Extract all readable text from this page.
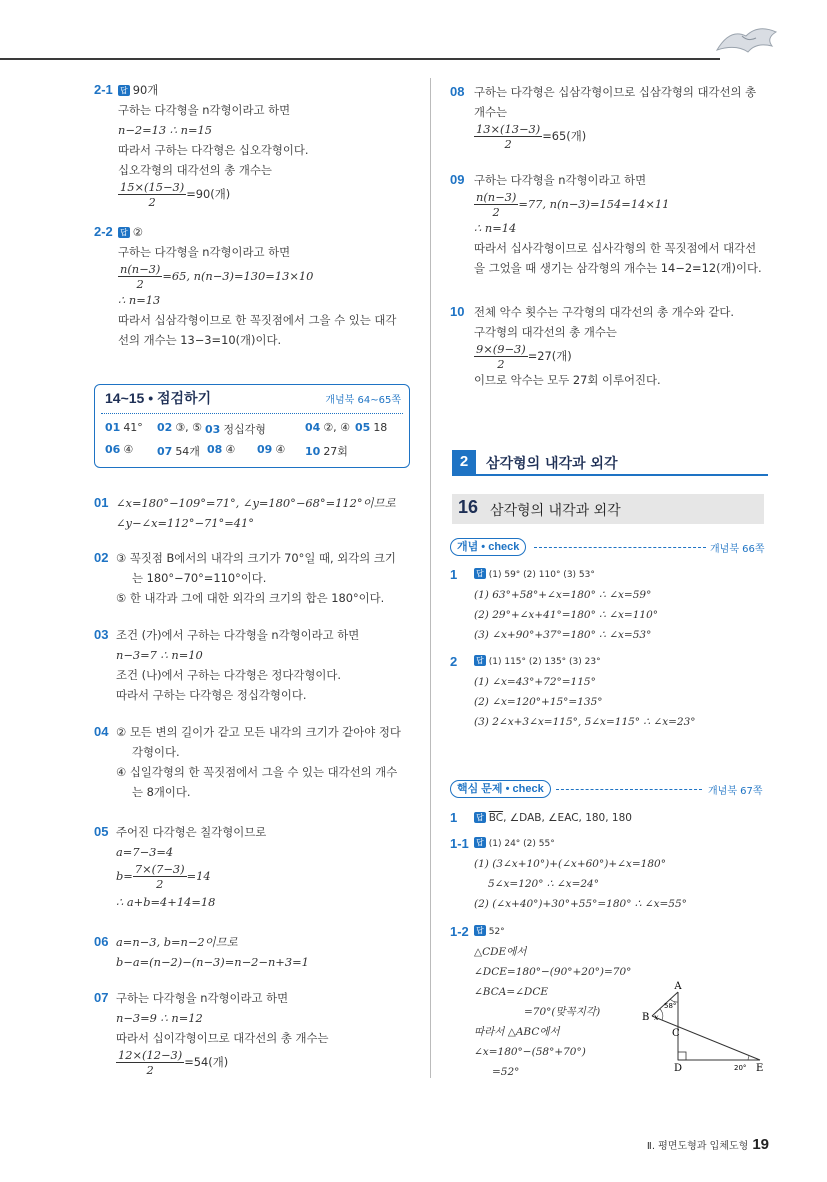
2-1 답 90개
구하는 다각형을 n각형이라고 하면
n−2=13 ∴ n=15
따라서 구하는 다각형은 십오각형이다.
십오각형의 대각선의 총 개수는
$\frac{15\times(15-3)}{2} =90$(개)
2-2 답 ②
구하는 다각형을 n각형이라고 하면
$\frac{n(n-3)}{2} =65$, n(n−3)=130=13×10
∴ n=13
따라서 십삼각형이므로 한 꼭짓점에서 그을 수 있는 대각
선의 개수는 13−3=10(개)이다.
14~15 • 점검하기	개념북 64~65쪽
01 41° 02 ③, ⑤ 03 정십각형	04 ②, ④ 05 18
06 ④	07 54개 08 ④	09 ④	10 27회
01 ∠x=180°−109°=71°, ∠y=180°−68°=112°이므로
∠y−∠x=112°−71°=41°
02 ③ 꼭짓점 B에서의 내각의 크기가 70°일 때, 외각의 크기
는 180°−70°=110°이다.
⑤ 한 내각과 그에 대한 외각의 크기의 합은 180°이다.
03 조건 (가)에서 구하는 다각형을 n각형이라고 하면
n−3=7 ∴ n=10
조건 (나)에서 구하는 다각형은 정다각형이다.
따라서 구하는 다각형은 정십각형이다.
04 ② 모든 변의 길이가 같고 모든 내각의 크기가 같아야 정다
각형이다.
④ 십일각형의 한 꼭짓점에서 그을 수 있는 대각선의 개수
는 8개이다.
05 주어진 다각형은 칠각형이므로
a=7−3=4
$b= \frac{7\times(7-3)}{2} =14$
∴ a+b=4+14=18
06 a=n−3, b=n−2이므로
b−a=(n−2)−(n−3)=n−2−n+3=1
07 구하는 다각형을 n각형이라고 하면
n−3=9 ∴ n=12
따라서 십이각형이므로 대각선의 총 개수는
$\frac{12\times(12-3)}{2} =54$(개)
08 구하는 다각형은 십삼각형이므로 십삼각형의 대각선의 총
개수는
$\frac{13\times(13-3)}{2} =65$(개)
09 구하는 다각형을 n각형이라고 하면
$\frac{n(n-3)}{2} =77$, n(n−3)=154=14×11
∴ n=14
따라서 십사각형이므로 십사각형의 한 꼭짓점에서 대각선
을 그었을 때 생기는 삼각형의 개수는 14−2=12(개)이다.
10 전체 악수 횟수는 구각형의 대각선의 총 개수와 같다.
구각형의 대각선의 총 개수는
$\frac{9\times(9-3)}{2} =27$(개)
이므로 악수는 모두 27회 이루어진다.
2	삼각형의 내각과 외각
16 삼각형의 내각과 외각
개념 • check	개념북 66쪽
1 답 (1) 59° (2) 110° (3) 53°
(1) 63°+58°+∠x=180° ∴ ∠x=59°
(2) 29°+∠x+41°=180° ∴ ∠x=110°
(3) ∠x+90°+37°=180° ∴ ∠x=53°
2 답 (1) 115° (2) 135° (3) 23°
(1) ∠x=43°+72°=115°
(2) ∠x=120°+15°=135°
(3) 2∠x+3∠x=115°, 5∠x=115° ∴ ∠x=23°
핵심 문제 • check	개념북 67쪽
1 답 $\overline{BC}$, ∠DAB, ∠EAC, 180, 180
1-1 답 (1) 24° (2) 55°
(1) (3∠x+10°)+(∠x+60°)+∠x=180°
5∠x=120° ∴ ∠x=24°
(2) (∠x+40°)+30°+55°=180° ∴ ∠x=55°
1-2 답 52°
△CDE에서
∠DCE=180°−(90°+20°)=70°
∠BCA=∠DCE
=70°(맞꼭지각)
따라서 △ABC에서
∠x=180°−(58°+70°)
=52°
A
B
C
D	E
58°
x
20°
Ⅱ. 평면도형과 입체도형 19
